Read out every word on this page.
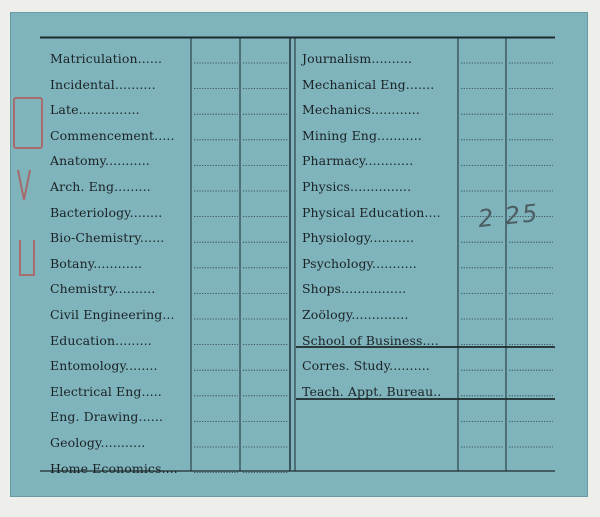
Matriculation......
Incidental..........
Late...............
Commencement.....
Anatomy...........
Arch. Eng.........
Bacteriology........
Bio-Chemistry......
Botany............
Chemistry..........
Civil Engineering...
Education.........
Entomology........
Electrical Eng.....
Eng. Drawing......
Geology...........
Home Economics....
Journalism..........
Mechanical Eng.......
Mechanics............
Mining Eng...........
Pharmacy............
Physics...............
Physical Education....
Physiology...........
Psychology...........
Shops................
Zoölogy..............
School of Business....
Corres. Study..........
Teach. Appt. Bureau..
2 25
